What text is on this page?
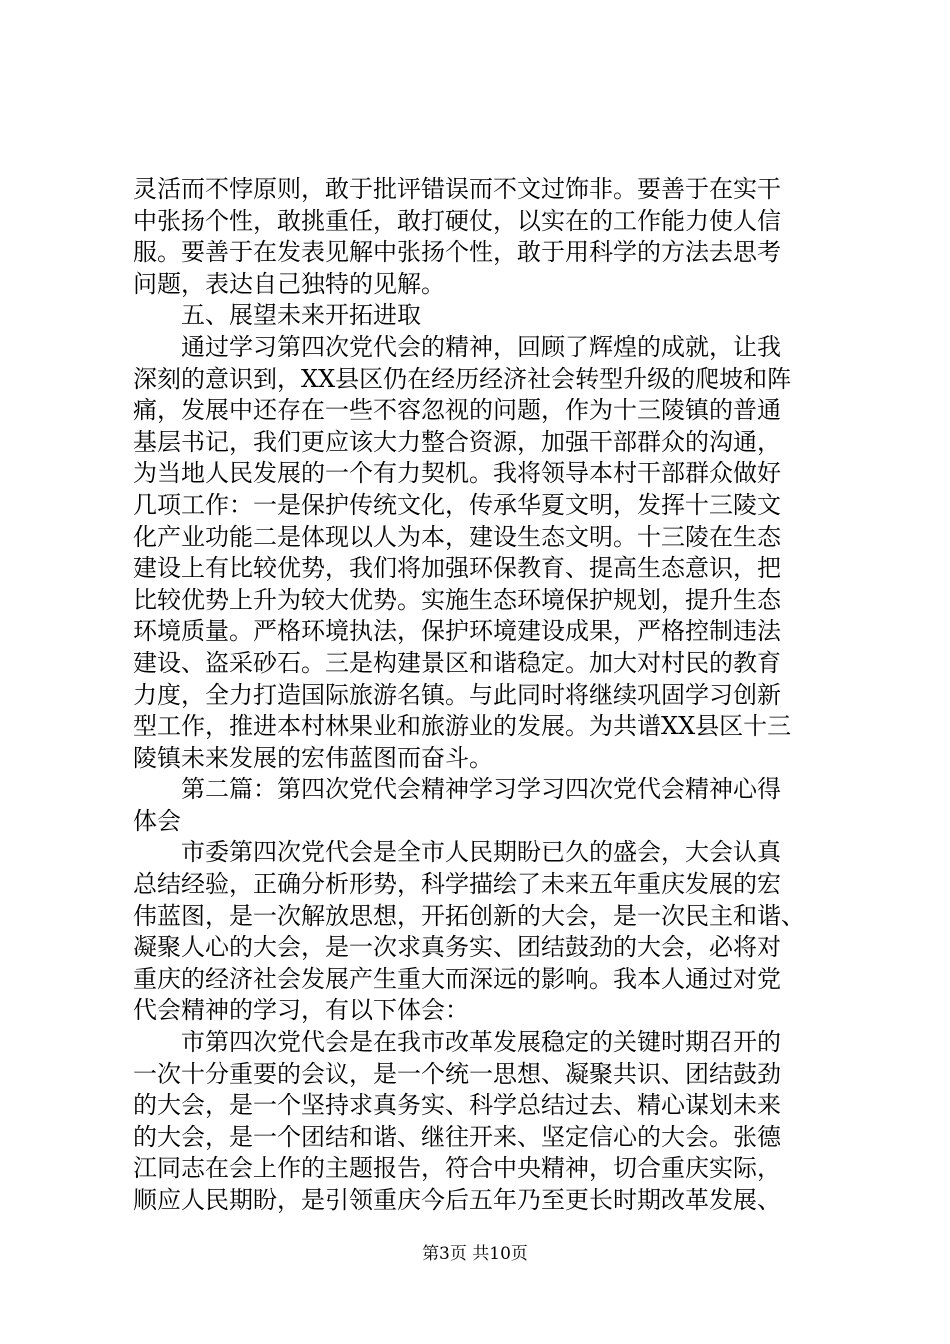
灵活而不悖原则，敢于批评错误而不文过饰非。要善于在实干
中张扬个性，敢挑重任，敢打硬仗，以实在的工作能力使人信
服。要善于在发表见解中张扬个性，敢于用科学的方法去思考
问题，表达自己独特的见解。
　　五、展望未来开拓进取
　　通过学习第四次党代会的精神，回顾了辉煌的成就，让我
深刻的意识到，XX县区仍在经历经济社会转型升级的爬坡和阵
痛，发展中还存在一些不容忽视的问题，作为十三陵镇的普通
基层书记，我们更应该大力整合资源，加强干部群众的沟通，
为当地人民发展的一个有力契机。我将领导本村干部群众做好
几项工作：一是保护传统文化，传承华夏文明，发挥十三陵文
化产业功能二是体现以人为本，建设生态文明。十三陵在生态
建设上有比较优势，我们将加强环保教育、提高生态意识，把
比较优势上升为较大优势。实施生态环境保护规划，提升生态
环境质量。严格环境执法，保护环境建设成果，严格控制违法
建设、盗采砂石。三是构建景区和谐稳定。加大对村民的教育
力度，全力打造国际旅游名镇。与此同时将继续巩固学习创新
型工作，推进本村林果业和旅游业的发展。为共谱XX县区十三
陵镇未来发展的宏伟蓝图而奋斗。
　　第二篇：第四次党代会精神学习学习四次党代会精神心得
体会
　　市委第四次党代会是全市人民期盼已久的盛会，大会认真
总结经验，正确分析形势，科学描绘了未来五年重庆发展的宏
伟蓝图，是一次解放思想，开拓创新的大会，是一次民主和谐、
凝聚人心的大会，是一次求真务实、团结鼓劲的大会，必将对
重庆的经济社会发展产生重大而深远的影响。我本人通过对党
代会精神的学习，有以下体会：
　　市第四次党代会是在我市改革发展稳定的关键时期召开的
一次十分重要的会议，是一个统一思想、凝聚共识、团结鼓劲
的大会，是一个坚持求真务实、科学总结过去、精心谋划未来
的大会，是一个团结和谐、继往开来、坚定信心的大会。张德
江同志在会上作的主题报告，符合中央精神，切合重庆实际，
顺应人民期盼，是引领重庆今后五年乃至更长时期改革发展、
第3页 共10页
